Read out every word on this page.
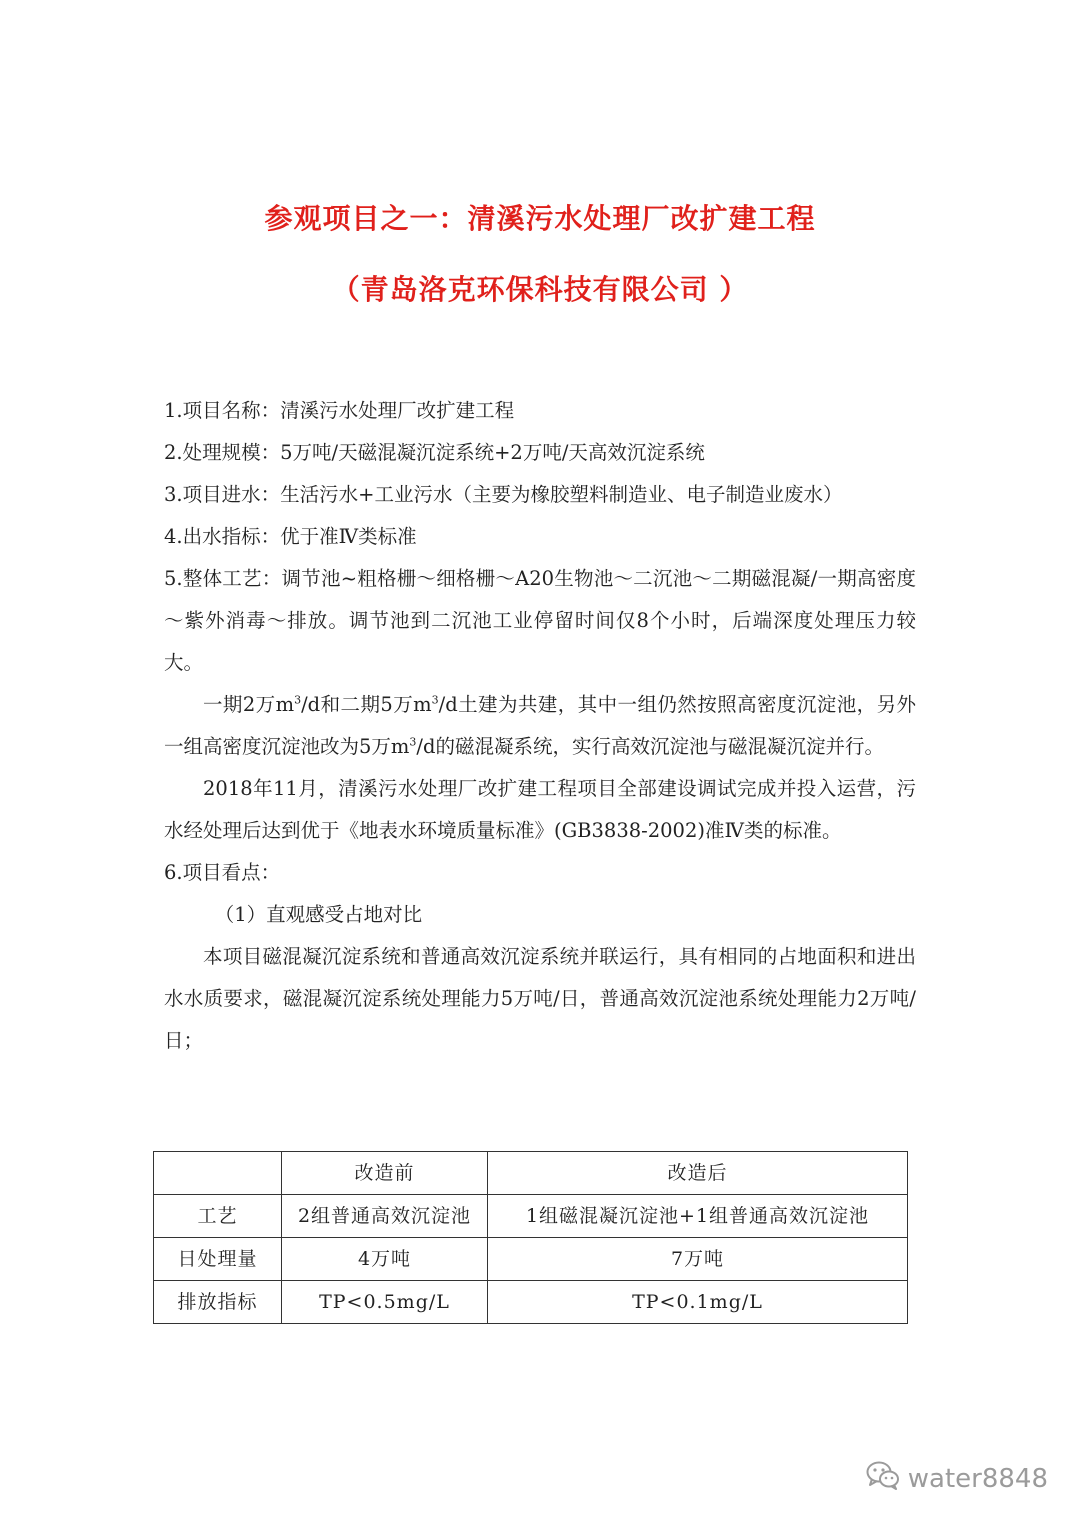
参观项目之一：清溪污水处理厂改扩建工程
（青岛洛克环保科技有限公司 ）

1.项目名称：清溪污水处理厂改扩建工程

2.处理规模：5万吨/天磁混凝沉淀系统+2万吨/天高效沉淀系统

3.项目进水：生活污水+工业污水（主要为橡胶塑料制造业、电子制造业废水）

4.出水指标：优于准Ⅳ类标准

5.整体工艺：调节池~粗格栅～细格栅～A20生物池～二沉池～二期磁混凝/一期高密度～紫外消毒～排放。调节池到二沉池工业停留时间仅8个小时，后端深度处理压力较大。

一期2万$m^3/d$和二期5万$m^3/d$土建为共建，其中一组仍然按照高密度沉淀池，另外一组高密度沉淀池改为5万$m^3/d$的磁混凝系统，实行高效沉淀池与磁混凝沉淀并行。

2018年11月，清溪污水处理厂改扩建工程项目全部建设调试完成并投入运营，污水经处理后达到优于《地表水环境质量标准》(GB3838-2002)准Ⅳ类的标准。

6.项目看点：

（1）直观感受占地对比

本项目磁混凝沉淀系统和普通高效沉淀系统并联运行，具有相同的占地面积和进出水水质要求，磁混凝沉淀系统处理能力5万吨/日，普通高效沉淀池系统处理能力2万吨/日；

	改造前	改造后
工艺	2组普通高效沉淀池	1组磁混凝沉淀池+1组普通高效沉淀池
日处理量	4万吨	7万吨
排放指标	TP<0.5mg/L	TP<0.1mg/L
water8848
